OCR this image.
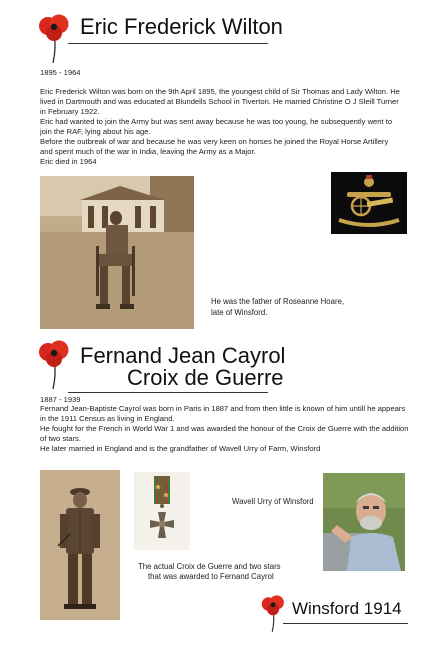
Eric Frederick Wilton
1895 - 1964

Eric Frederick Wilton was born on the 9th April 1895, the youngest child of Sir Thomas and Lady Wilton. He lived in Dartmouth and was educated at Blundells School in Tiverton. He married Christine O J Sleill Turner in February 1922.

Eric had wanted to join the Army but was sent away because he was too young, he subsequently went to join the RAF, lying about his age.

Before the outbreak of war and because he was very keen on horses he joined the Royal Horse Artillery and spent much of the war in India, leaving the Army as a Major.

Eric died in 1964

He was the father of Roseanne Hoare,
late of Winsford.
Fernand Jean Cayrol
Croix de Guerre
1887 - 1939

Fernand Jean-Baptiste Cayrol was born in Paris in 1887 and from then little is known of him untill he appears in the 1911 Census as living in England.

He fought for the French in World War 1 and was awarded the honour of the Croix de Guerre with the addition of two stars.

He later married in England and is the grandfather of Wavell Urry of Farm, Winsford

Wavell Urry of Winsford
The actual Croix de Guerre and two stars
that was awarded to Fernand Cayrol
Winsford 1914
